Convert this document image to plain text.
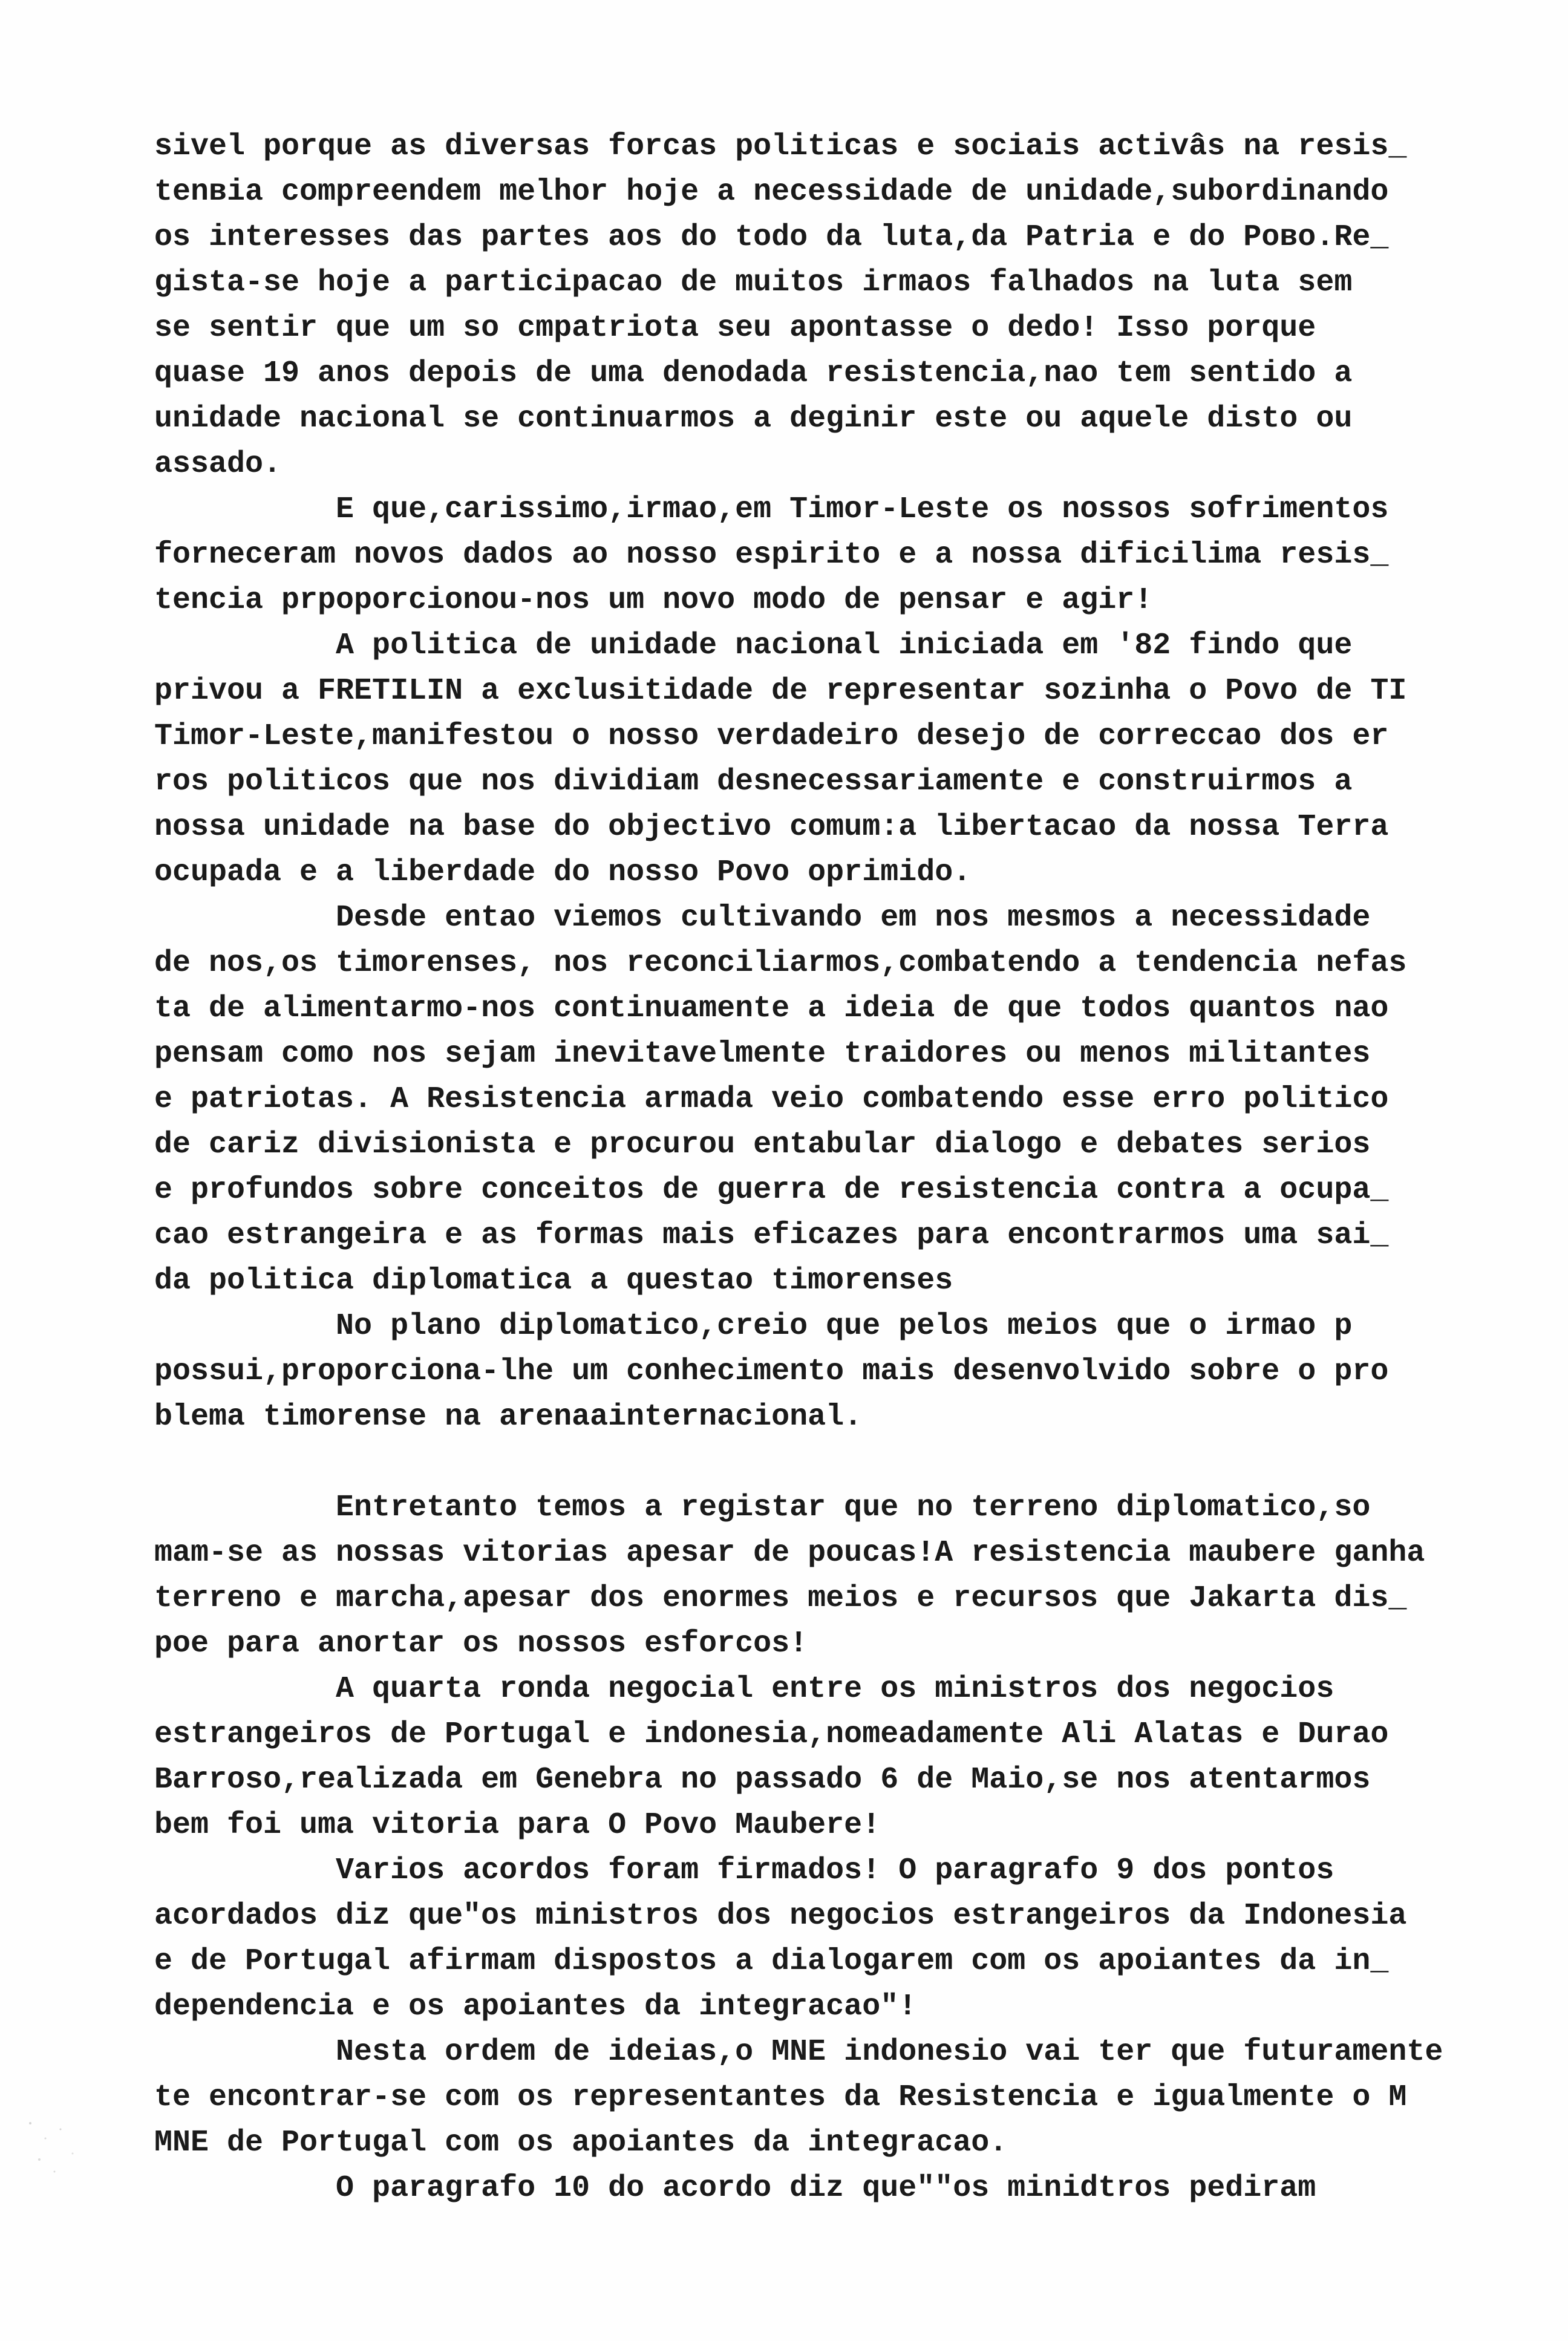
sivel porque as diversas forcas politicas e sociais activâs na resis_
tenвia compreendem melhor hoje a necessidade de unidade,subordinando
os interesses das partes aos do todo da luta,da Patria e do Poвo.Re_
gista-se hoje a participacao de muitos irmaos falhados na luta sem
se sentir que um so cmpatriota seu apontasse o dedo! Isso porque
quase 19 anos depois de uma denodada resistencia,nao tem sentido a
unidade nacional se continuarmos a deginir este ou aquele disto ou
assado.
E que,carissimo,irmao,em Timor-Leste os nossos sofrimentos
forneceram novos dados ao nosso espirito e a nossa dificilima resis_
tencia prpoporcionou-nos um novo modo de pensar e agir!
A politica de unidade nacional iniciada em '82 findo que
privou a FRETILIN a exclusitidade de representar sozinha o Povo de TI
Timor-Leste,manifestou o nosso verdadeiro desejo de correccao dos er
ros politicos que nos dividiam desnecessariamente e construirmos a
nossa unidade na base do objectivo comum:a libertacao da nossa Terra
ocupada e a liberdade do nosso Povo oprimido.
Desde entao viemos cultivando em nos mesmos a necessidade
de nos,os timorenses, nos reconciliarmos,combatendo a tendencia nefas
ta de alimentarmo-nos continuamente a ideia de que todos quantos nao
pensam como nos sejam inevitavelmente traidores ou menos militantes
e patriotas. A Resistencia armada veio combatendo esse erro politico
de cariz divisionista e procurou entabular dialogo e debates serios
e profundos sobre conceitos de guerra de resistencia contra a ocupa_
cao estrangeira e as formas mais eficazes para encontrarmos uma sai_
da politica diplomatica a questao timorenses
No plano diplomatico,creio que pelos meios que o irmao p
possui,proporciona-lhe um conhecimento mais desenvolvido sobre o pro
blema timorense na arenaainternacional.
Entretanto temos a registar que no terreno diplomatico,so
mam-se as nossas vitorias apesar de poucas!A resistencia maubere ganha
terreno e marcha,apesar dos enormes meios e recursos que Jakarta dis_
poe para anortar os nossos esforcos!
A quarta ronda negocial entre os ministros dos negocios
estrangeiros de Portugal e indonesia,nomeadamente Ali Alatas e Durao
Barroso,realizada em Genebra no passado 6 de Maio,se nos atentarmos
bem foi uma vitoria para O Povo Maubere!
Varios acordos foram firmados! O paragrafo 9 dos pontos
acordados diz que"os ministros dos negocios estrangeiros da Indonesia
e de Portugal afirmam dispostos a dialogarem com os apoiantes da in_
dependencia e os apoiantes da integracao"!
Nesta ordem de ideias,o MNE indonesio vai ter que futuramente
te encontrar-se com os representantes da Resistencia e igualmente o M
MNE de Portugal com os apoiantes da integracao.
O paragrafo 10 do acordo diz que""os minidtros pediram
